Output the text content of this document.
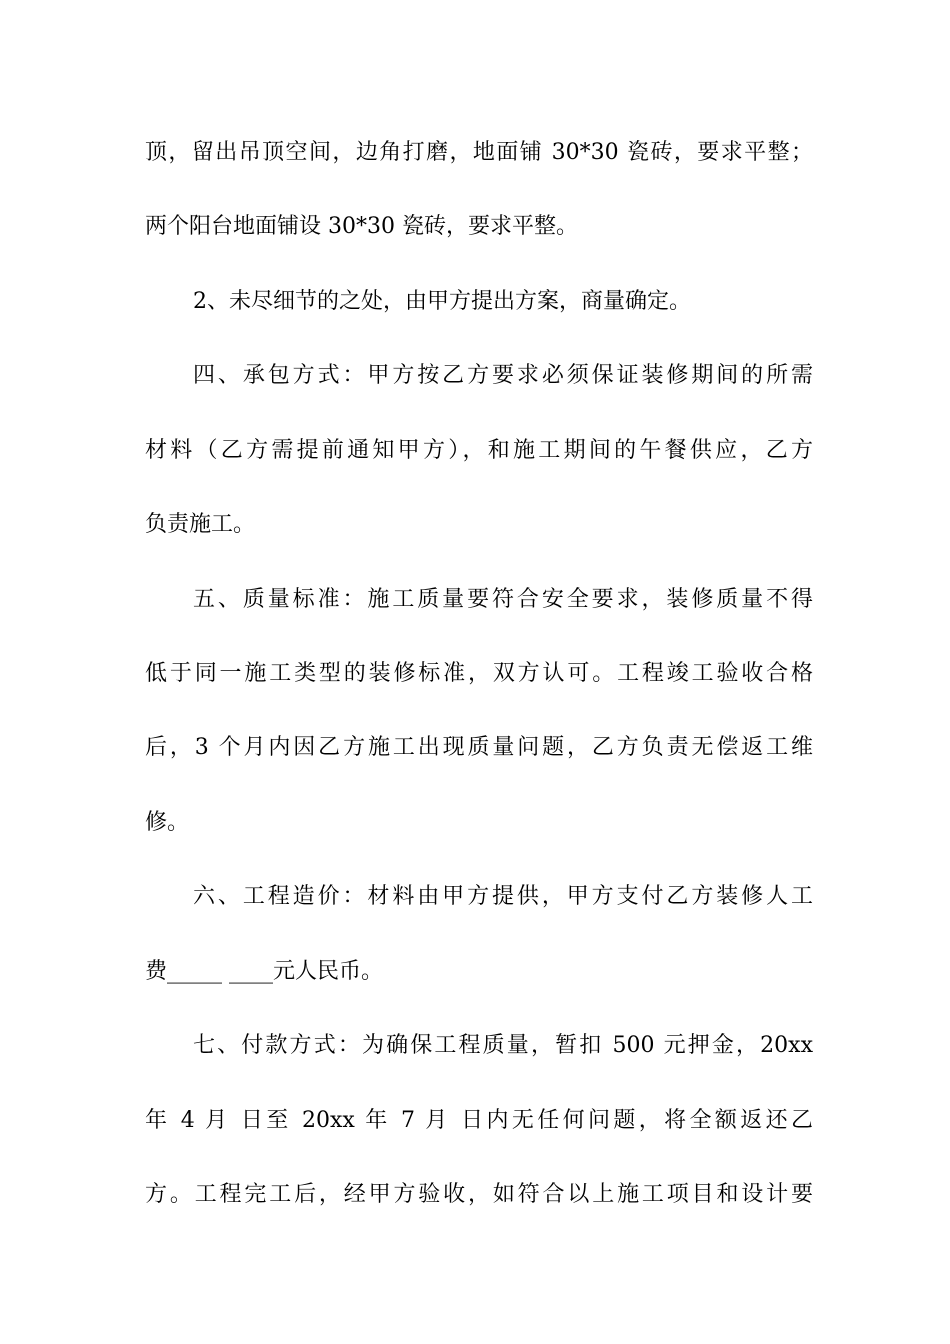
顶，留出吊顶空间，边角打磨，地面铺 30*30 瓷砖，要求平整；
两个阳台地面铺设 30*30 瓷砖，要求平整。
2、未尽细节的之处，由甲方提出方案，商量确定。
四、承包方式：甲方按乙方要求必须保证装修期间的所需
材料（乙方需提前通知甲方），和施工期间的午餐供应，乙方
负责施工。
五、质量标准：施工质量要符合安全要求，装修质量不得
低于同一施工类型的装修标准，双方认可。工程竣工验收合格
后，3 个月内因乙方施工出现质量问题，乙方负责无偿返工维
修。
六、工程造价：材料由甲方提供，甲方支付乙方装修人工
费_____ ____元人民币。
七、付款方式：为确保工程质量，暂扣 500 元押金，20xx
年 4 月 日至 20xx 年 7 月 日内无任何问题，将全额返还乙
方。工程完工后，经甲方验收，如符合以上施工项目和设计要
